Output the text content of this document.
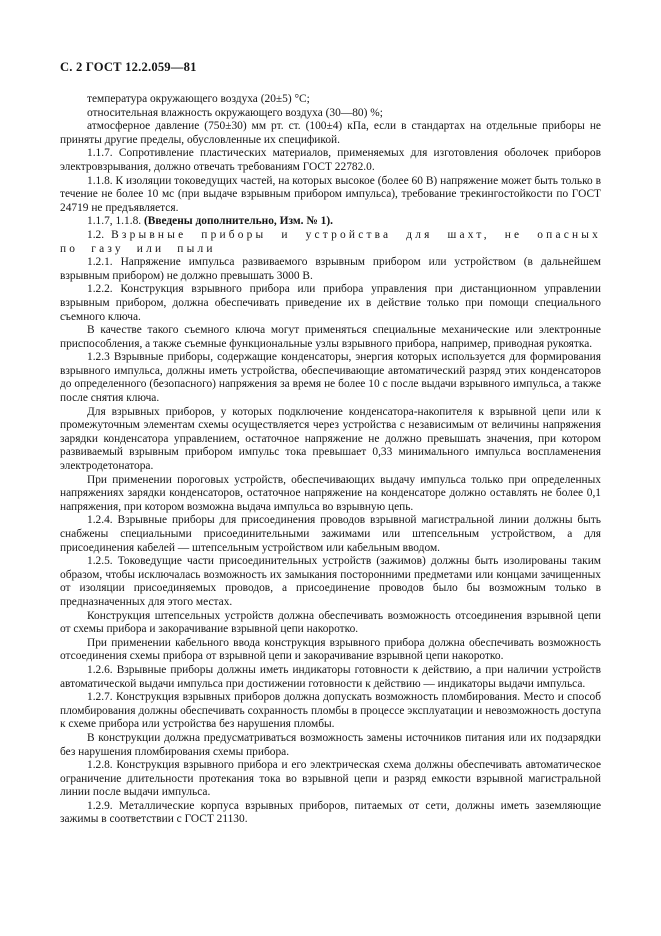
С. 2 ГОСТ 12.2.059—81

температура окружающего воздуха (20±5) °С;

относительная влажность окружающего воздуха (30—80) %;

атмосферное давление (750±30) мм рт. ст. (100±4) кПа, если в стандартах на отдельные приборы не приняты другие пределы, обусловленные их спецификой.

1.1.7. Сопротивление пластических материалов, применяемых для изготовления оболочек приборов электровзрывания, должно отвечать требованиям ГОСТ 22782.0.

1.1.8. К изоляции токоведущих частей, на которых высокое (более 60 В) напряжение может быть только в течение не более 10 мс (при выдаче взрывным прибором импульса), требование трекингостойкости по ГОСТ 24719 не предъявляется.

1.1.7, 1.1.8. (Введены дополнительно, Изм. № 1).

1.2. Взрывные приборы и устройства для шахт, не опасных по газу или пыли

1.2.1. Напряжение импульса развиваемого взрывным прибором или устройством (в дальнейшем взрывным прибором) не должно превышать 3000 В.

1.2.2. Конструкция взрывного прибора или прибора управления при дистанционном управлении взрывным прибором, должна обеспечивать приведение их в действие только при помощи специального съемного ключа.

В качестве такого съемного ключа могут применяться специальные механические или электронные приспособления, а также съемные функциональные узлы взрывного прибора, например, приводная рукоятка.

1.2.3 Взрывные приборы, содержащие конденсаторы, энергия которых используется для формирования взрывного импульса, должны иметь устройства, обеспечивающие автоматический разряд этих конденсаторов до определенного (безопасного) напряжения за время не более 10 с после выдачи взрывного импульса, а также после снятия ключа.

Для взрывных приборов, у которых подключение конденсатора-накопителя к взрывной цепи или к промежуточным элементам схемы осуществляется через устройства с независимым от величины напряжения зарядки конденсатора управлением, остаточное напряжение не должно превышать значения, при котором развиваемый взрывным прибором импульс тока превышает 0,33 минимального импульса воспламенения электродетонатора.

При применении пороговых устройств, обеспечивающих выдачу импульса только при определенных напряжениях зарядки конденсаторов, остаточное напряжение на конденсаторе должно оставлять не более 0,1 напряжения, при котором возможна выдача импульса во взрывную цепь.

1.2.4. Взрывные приборы для присоединения проводов взрывной магистральной линии должны быть снабжены специальными присоединительными зажимами или штепсельным устройством, а для присоединения кабелей — штепсельным устройством или кабельным вводом.

1.2.5. Токоведущие части присоединительных устройств (зажимов) должны быть изолированы таким образом, чтобы исключалась возможность их замыкания посторонними предметами или концами зачищенных от изоляции присоединяемых проводов, а присоединение проводов было бы возможным только в предназначенных для этого местах.

Конструкция штепсельных устройств должна обеспечивать возможность отсоединения взрывной цепи от схемы прибора и закорачивание взрывной цепи накоротко.

При применении кабельного ввода конструкция взрывного прибора должна обеспечивать возможность отсоединения схемы прибора от взрывной цепи и закорачивание взрывной цепи накоротко.

1.2.6. Взрывные приборы должны иметь индикаторы готовности к действию, а при наличии устройств автоматической выдачи импульса при достижении готовности к действию — индикаторы выдачи импульса.

1.2.7. Конструкция взрывных приборов должна допускать возможность пломбирования. Место и способ пломбирования должны обеспечивать сохранность пломбы в процессе эксплуатации и невозможность доступа к схеме прибора или устройства без нарушения пломбы.

В конструкции должна предусматриваться возможность замены источников питания или их подзарядки без нарушения пломбирования схемы прибора.

1.2.8. Конструкция взрывного прибора и его электрическая схема должны обеспечивать автоматическое ограничение длительности протекания тока во взрывной цепи и разряд емкости взрывной магистральной линии после выдачи импульса.

1.2.9. Металлические корпуса взрывных приборов, питаемых от сети, должны иметь заземляющие зажимы в соответствии с ГОСТ 21130.
